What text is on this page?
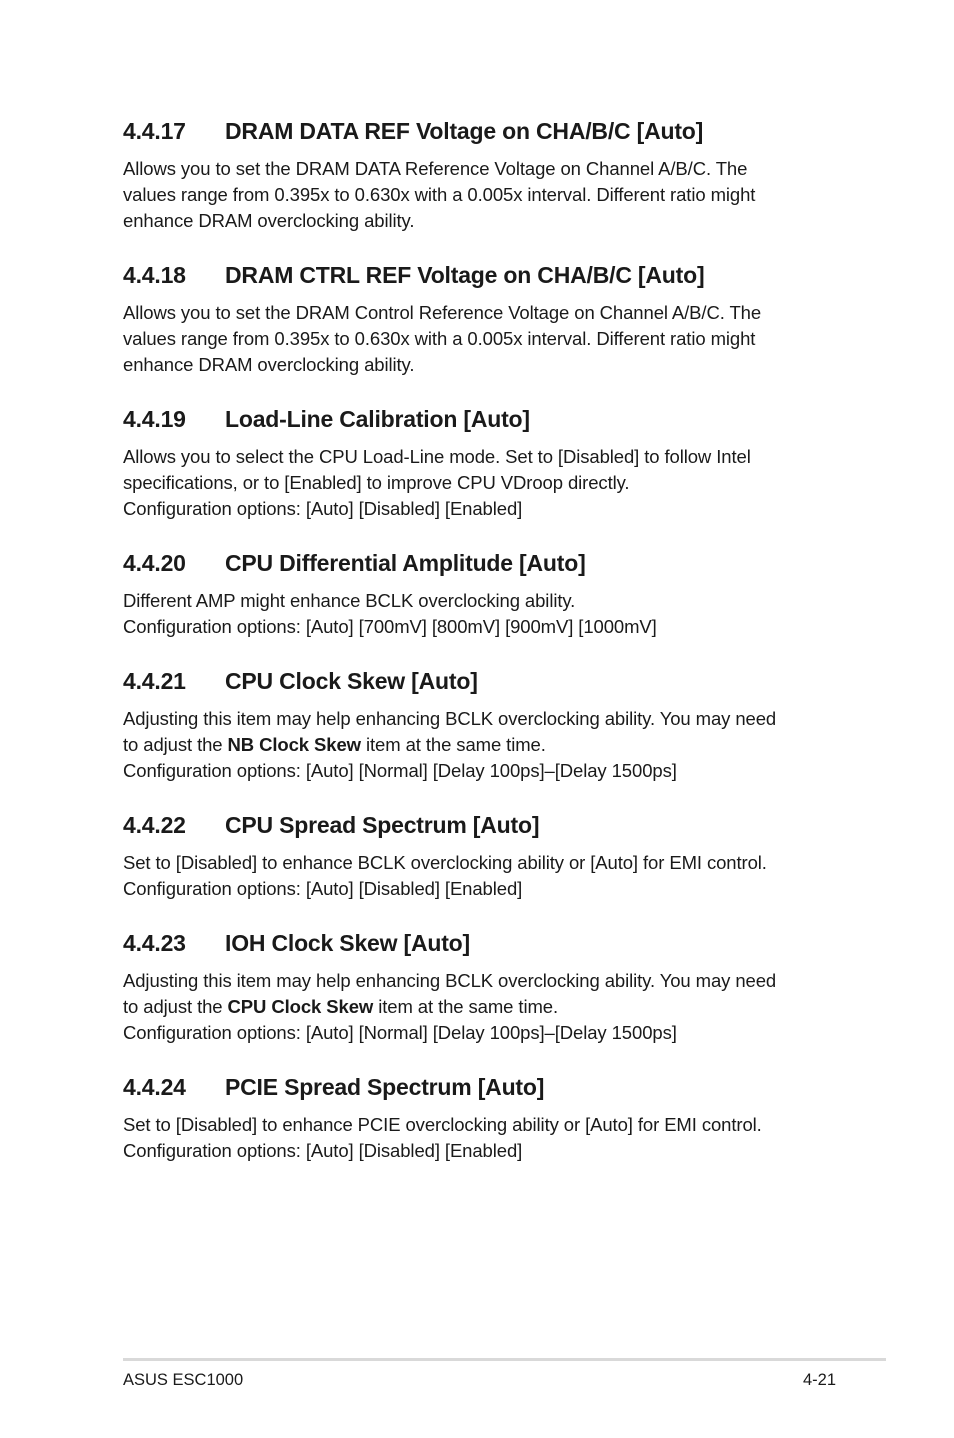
4.4.17	DRAM DATA REF Voltage on CHA/B/C [Auto]

Allows you to set the DRAM DATA Reference Voltage on Channel A/B/C. The
values range from 0.395x to 0.630x with a 0.005x interval. Different ratio might
enhance DRAM overclocking ability.

4.4.18	DRAM CTRL REF Voltage on CHA/B/C [Auto]

Allows you to set the DRAM Control Reference Voltage on Channel A/B/C. The
values range from 0.395x to 0.630x with a 0.005x interval. Different ratio might
enhance DRAM overclocking ability.

4.4.19	Load-Line Calibration [Auto]

Allows you to select the CPU Load-Line mode. Set to [Disabled] to follow Intel
specifications, or to [Enabled] to improve CPU VDroop directly.
Configuration options: [Auto] [Disabled] [Enabled]

4.4.20	CPU Differential Amplitude [Auto]

Different AMP might enhance BCLK overclocking ability.
Configuration options: [Auto] [700mV] [800mV] [900mV] [1000mV]

4.4.21	CPU Clock Skew [Auto]

Adjusting this item may help enhancing BCLK overclocking ability. You may need
to adjust the NB Clock Skew item at the same time.
Configuration options: [Auto] [Normal] [Delay 100ps]–[Delay 1500ps]

4.4.22	CPU Spread Spectrum [Auto]

Set to [Disabled] to enhance BCLK overclocking ability or [Auto] for EMI control.
Configuration options: [Auto] [Disabled] [Enabled]

4.4.23	IOH Clock Skew [Auto]

Adjusting this item may help enhancing BCLK overclocking ability. You may need
to adjust the CPU Clock Skew item at the same time.
Configuration options: [Auto] [Normal] [Delay 100ps]–[Delay 1500ps]

4.4.24	PCIE Spread Spectrum [Auto]

Set to [Disabled] to enhance PCIE overclocking ability or [Auto] for EMI control.
Configuration options: [Auto] [Disabled] [Enabled]

ASUS ESC1000	4-21
